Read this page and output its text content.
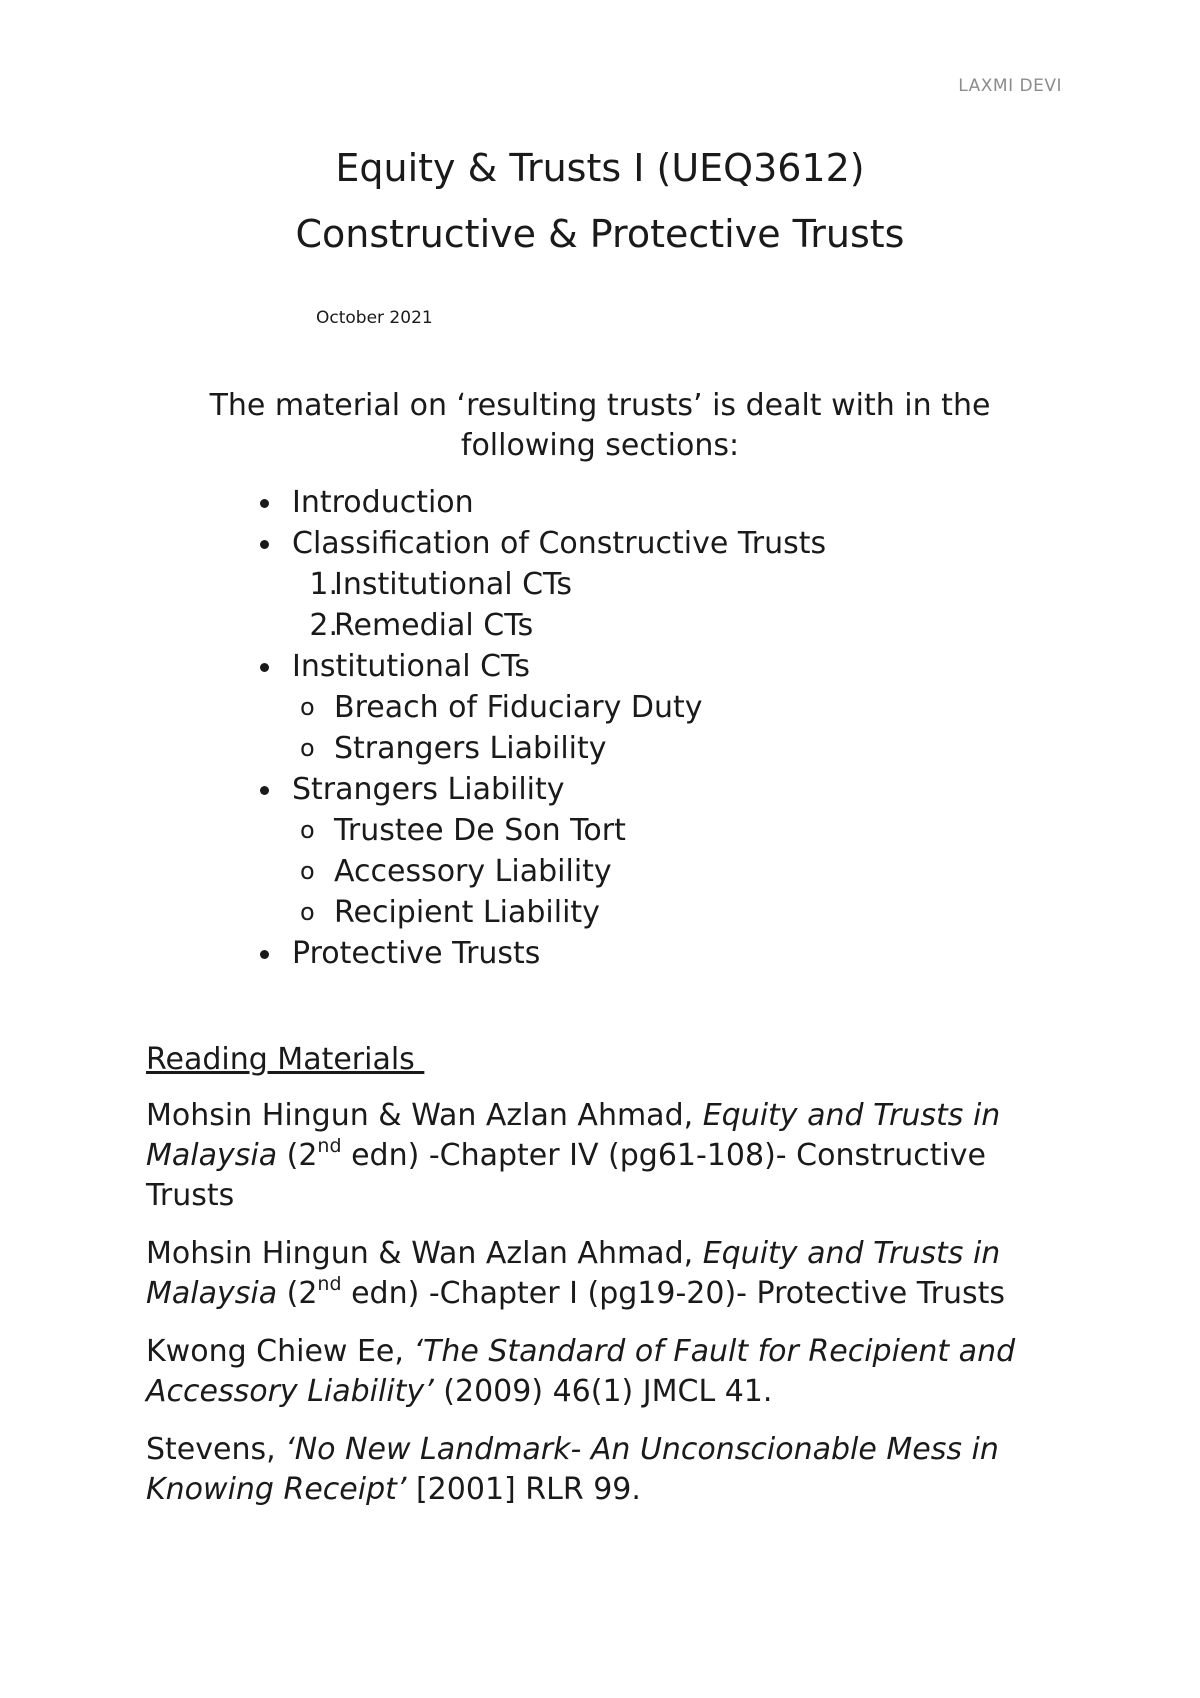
LAXMI DEVI
Equity & Trusts I (UEQ3612)
Constructive & Protective Trusts
October 2021
The material on ‘resulting trusts’ is dealt with in the following sections:
Introduction
Classification of Constructive Trusts
1.
Institutional CTs
2.
Remedial CTs
Institutional CTs
o Breach of Fiduciary Duty
o Strangers Liability
Strangers Liability
o Trustee De Son Tort
o Accessory Liability
o Recipient Liability
Protective Trusts
Reading Materials

Mohsin Hingun & Wan Azlan Ahmad, Equity and Trusts in Malaysia (2nd edn) -Chapter IV (pg61-108)- Constructive Trusts

Mohsin Hingun & Wan Azlan Ahmad, Equity and Trusts in Malaysia (2nd edn) -Chapter I (pg19-20)- Protective Trusts

Kwong Chiew Ee, ‘The Standard of Fault for Recipient and Accessory Liability’ (2009) 46(1) JMCL 41.

Stevens, ‘No New Landmark- An Unconscionable Mess in Knowing Receipt’ [2001] RLR 99.
